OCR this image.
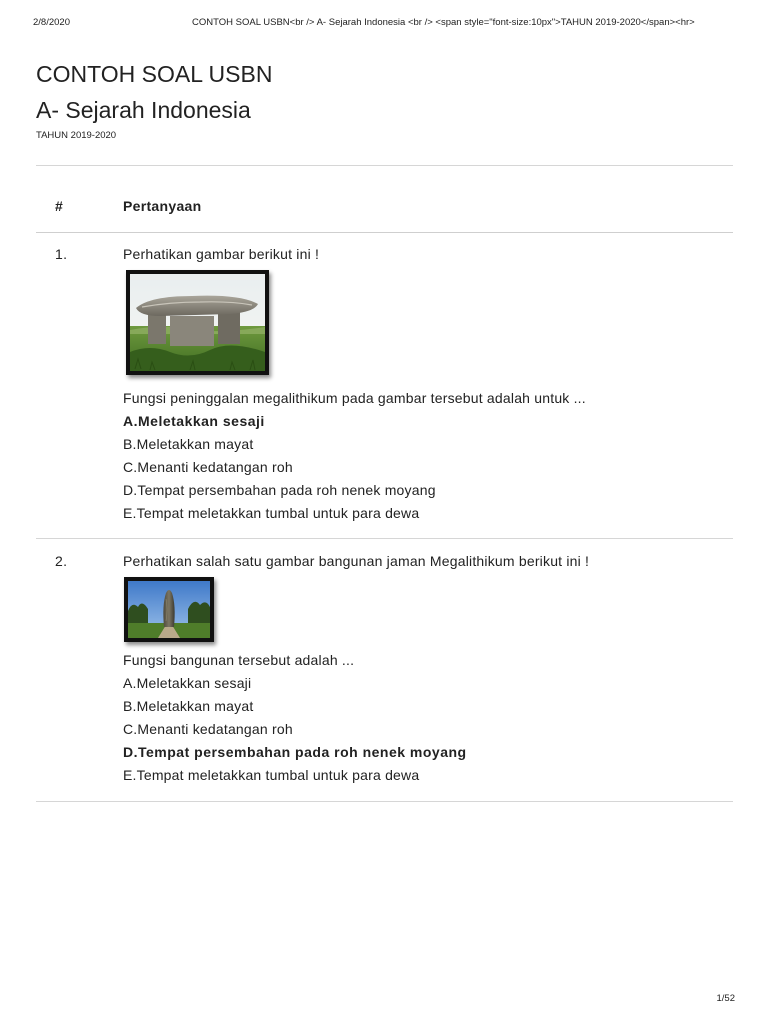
2/8/2020	CONTOH SOAL USBN<br /> A- Sejarah Indonesia <br /> <span style="font-size:10px">TAHUN 2019-2020</span><hr>
CONTOH SOAL USBN
A- Sejarah Indonesia
TAHUN 2019-2020
#	Pertanyaan
1.	Perhatikan gambar berikut ini !
Fungsi peninggalan megalithikum pada gambar tersebut adalah untuk ...
A.Meletakkan sesaji
B.Meletakkan mayat
C.Menanti kedatangan roh
D.Tempat persembahan pada roh nenek moyang
E.Tempat meletakkan tumbal untuk para dewa
2.	Perhatikan salah satu gambar bangunan jaman Megalithikum berikut ini !
Fungsi bangunan tersebut adalah ...
A.Meletakkan sesaji
B.Meletakkan mayat
C.Menanti kedatangan roh
D.Tempat persembahan pada roh nenek moyang
E.Tempat meletakkan tumbal untuk para dewa
1/52
